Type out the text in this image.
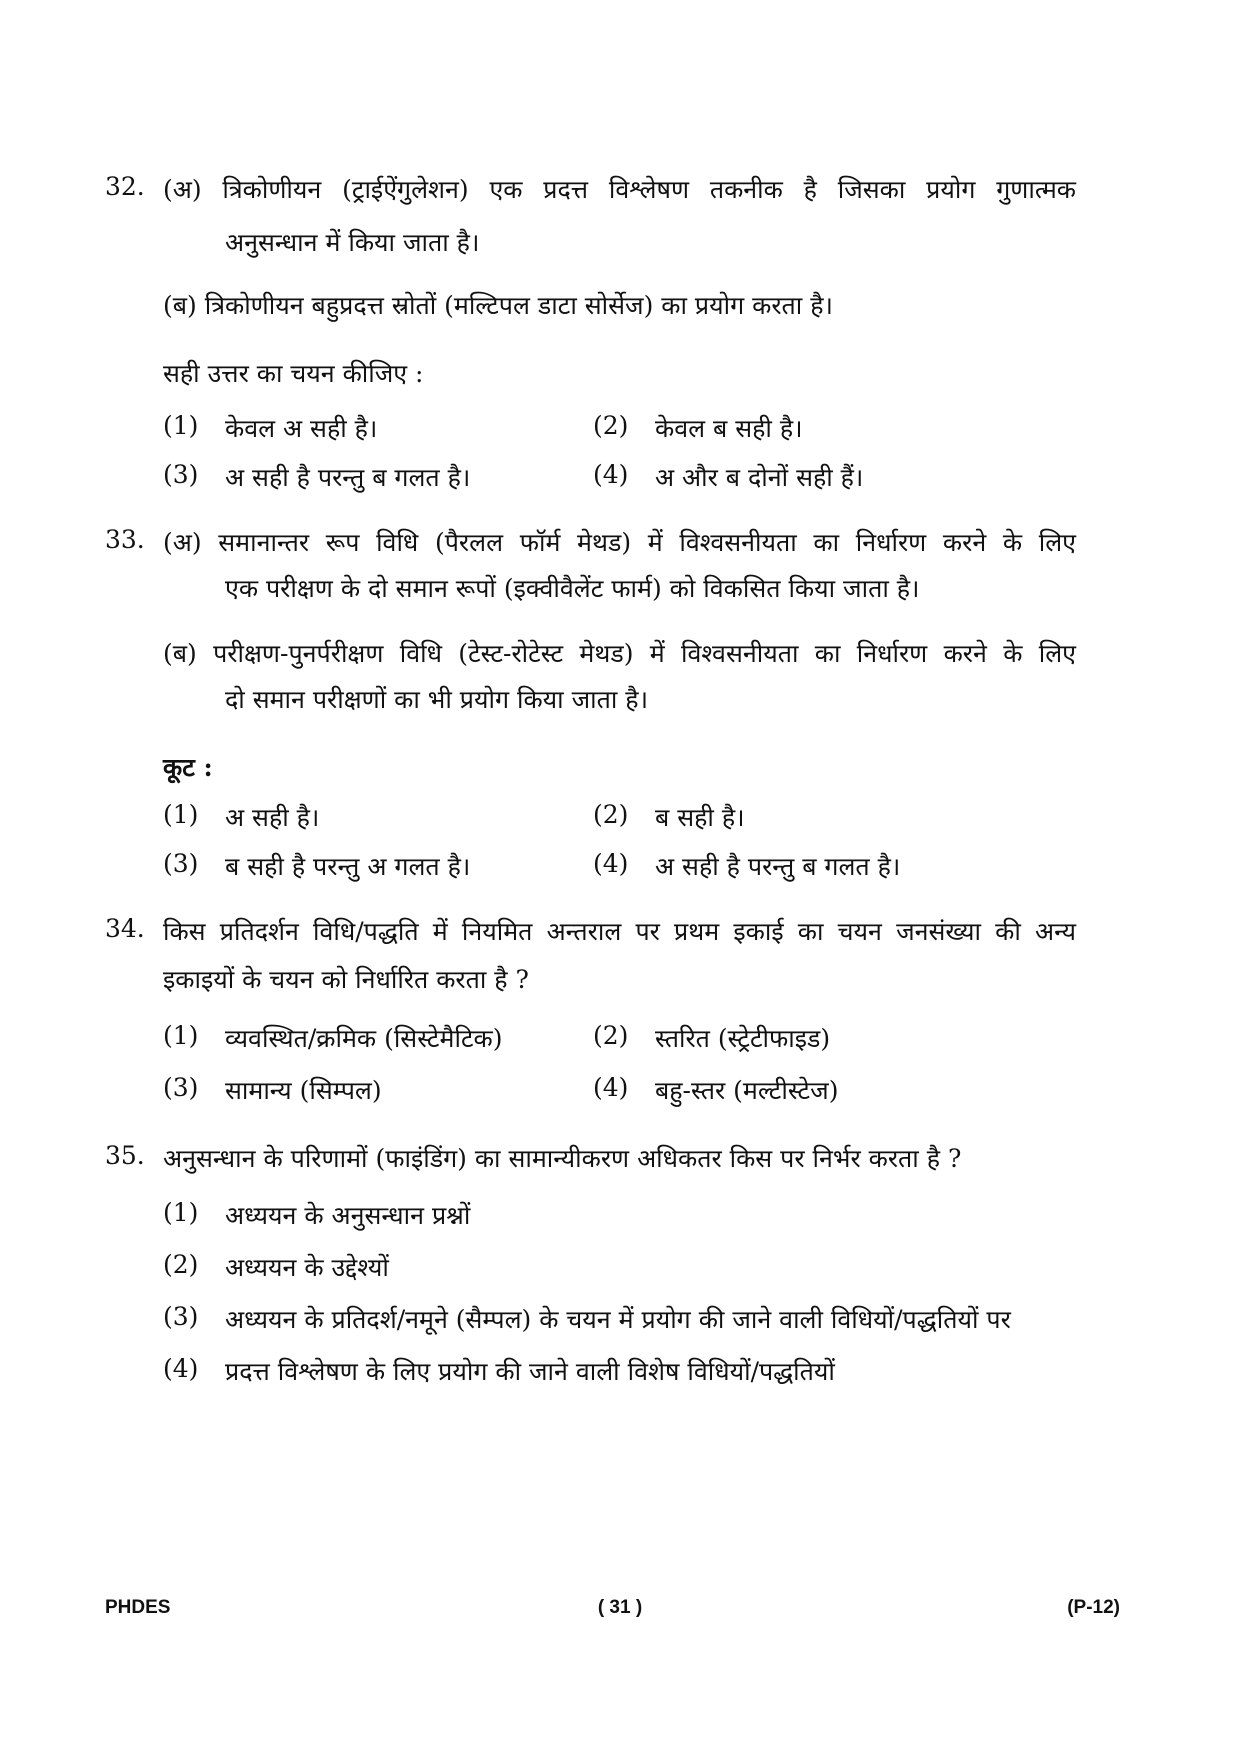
32. (अ) त्रिकोणीयन (ट्राईऐंगुलेशन) एक प्रदत्त विश्लेषण तकनीक है जिसका प्रयोग गुणात्मक
अनुसन्धान में किया जाता है।
(ब) त्रिकोणीयन बहुप्रदत्त स्रोतों (मल्टिपल डाटा सोर्सेज) का प्रयोग करता है।
सही उत्तर का चयन कीजिए :
(1) केवल अ सही है।	(2) केवल ब सही है।
(3) अ सही है परन्तु ब गलत है।	(4) अ और ब दोनों सही हैं।
33. (अ) समानान्तर रूप विधि (पैरलल फॉर्म मेथड) में विश्वसनीयता का निर्धारण करने के लिए
एक परीक्षण के दो समान रूपों (इक्वीवैलेंट फार्म) को विकसित किया जाता है।
(ब) परीक्षण-पुनर्परीक्षण विधि (टेस्ट-रोटेस्ट मेथड) में विश्वसनीयता का निर्धारण करने के लिए
दो समान परीक्षणों का भी प्रयोग किया जाता है।
कूट :
(1) अ सही है।	(2) ब सही है।
(3) ब सही है परन्तु अ गलत है।	(4) अ सही है परन्तु ब गलत है।
34. किस प्रतिदर्शन विधि/पद्धति में नियमित अन्तराल पर प्रथम इकाई का चयन जनसंख्या की अन्य
इकाइयों के चयन को निर्धारित करता है ?
(1) व्यवस्थित/क्रमिक (सिस्टेमैटिक)	(2) स्तरित (स्ट्रेटीफाइड)
(3) सामान्य (सिम्पल)	(4) बहु-स्तर (मल्टीस्टेज)
35. अनुसन्धान के परिणामों (फाइंडिंग) का सामान्यीकरण अधिकतर किस पर निर्भर करता है ?
(1) अध्ययन के अनुसन्धान प्रश्नों
(2) अध्ययन के उद्देश्यों
(3) अध्ययन के प्रतिदर्श/नमूने (सैम्पल) के चयन में प्रयोग की जाने वाली विधियों/पद्धतियों पर
(4) प्रदत्त विश्लेषण के लिए प्रयोग की जाने वाली विशेष विधियों/पद्धतियों
PHDES	( 31 )	(P-12)
